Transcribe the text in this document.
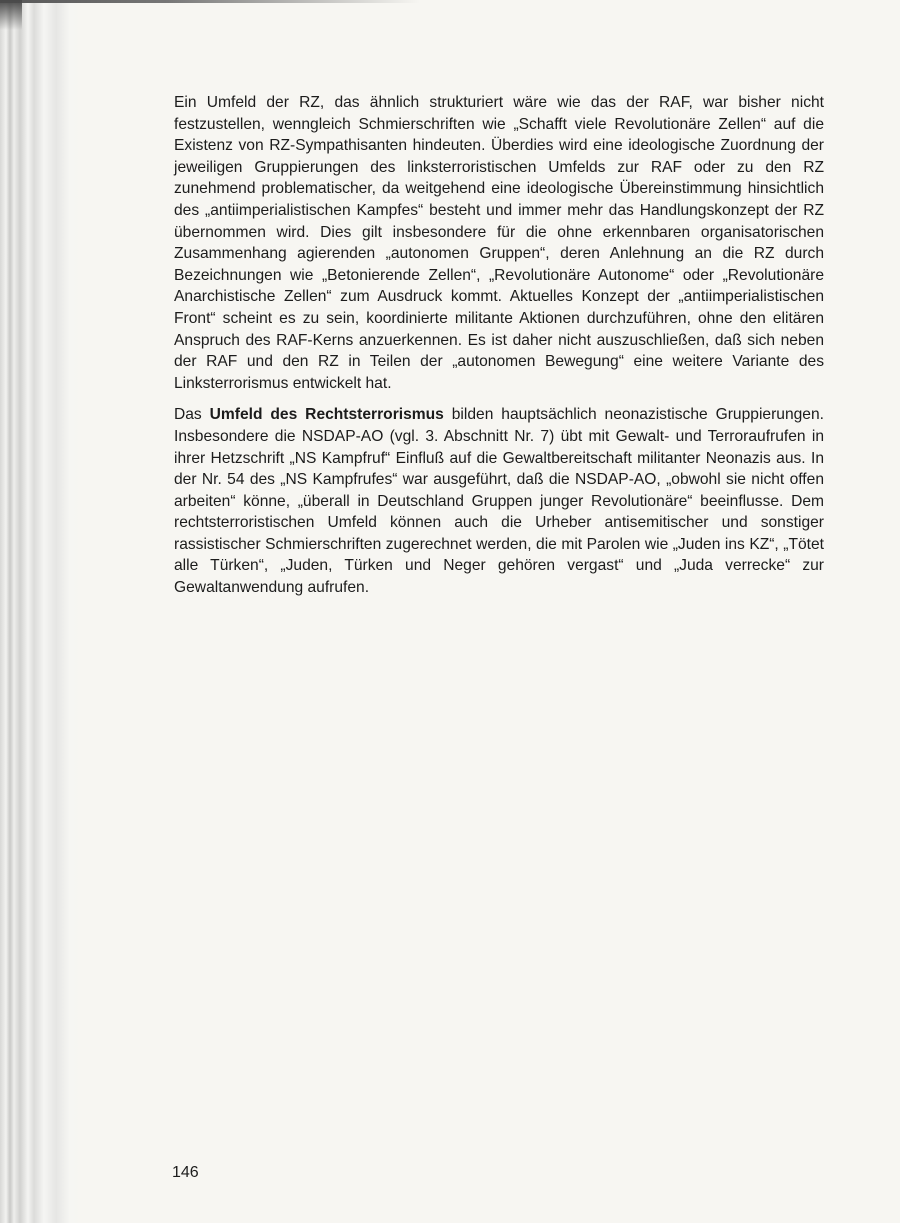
Ein Umfeld der RZ, das ähnlich strukturiert wäre wie das der RAF, war bisher nicht festzustellen, wenngleich Schmierschriften wie „Schafft viele Revolutionäre Zellen“ auf die Existenz von RZ-Sympathisanten hindeuten. Überdies wird eine ideologische Zuordnung der jeweiligen Gruppierungen des linksterroristischen Umfelds zur RAF oder zu den RZ zunehmend problematischer, da weitgehend eine ideologische Übereinstimmung hinsichtlich des „antiimperialistischen Kampfes“ besteht und immer mehr das Handlungskonzept der RZ übernommen wird. Dies gilt insbesondere für die ohne erkennbaren organisatorischen Zusammenhang agierenden „autonomen Gruppen“, deren Anlehnung an die RZ durch Bezeichnungen wie „Betonierende Zellen“, „Revolutionäre Autonome“ oder „Revolutionäre Anarchistische Zellen“ zum Ausdruck kommt. Aktuelles Konzept der „antiimperialistischen Front“ scheint es zu sein, koordinierte militante Aktionen durchzuführen, ohne den elitären Anspruch des RAF-Kerns anzuerkennen. Es ist daher nicht auszuschließen, daß sich neben der RAF und den RZ in Teilen der „autonomen Bewegung“ eine weitere Variante des Linksterrorismus entwickelt hat.

Das Umfeld des Rechtsterrorismus bilden hauptsächlich neonazistische Gruppierungen. Insbesondere die NSDAP-AO (vgl. 3. Abschnitt Nr. 7) übt mit Gewalt- und Terroraufrufen in ihrer Hetzschrift „NS Kampfruf“ Einfluß auf die Gewaltbereitschaft militanter Neonazis aus. In der Nr. 54 des „NS Kampfrufes“ war ausgeführt, daß die NSDAP-AO, „obwohl sie nicht offen arbeiten“ könne, „überall in Deutschland Gruppen junger Revolutionäre“ beeinflusse. Dem rechtsterroristischen Umfeld können auch die Urheber antisemitischer und sonstiger rassistischer Schmierschriften zugerechnet werden, die mit Parolen wie „Juden ins KZ“, „Tötet alle Türken“, „Juden, Türken und Neger gehören vergast“ und „Juda verrecke“ zur Gewaltanwendung aufrufen.

146
